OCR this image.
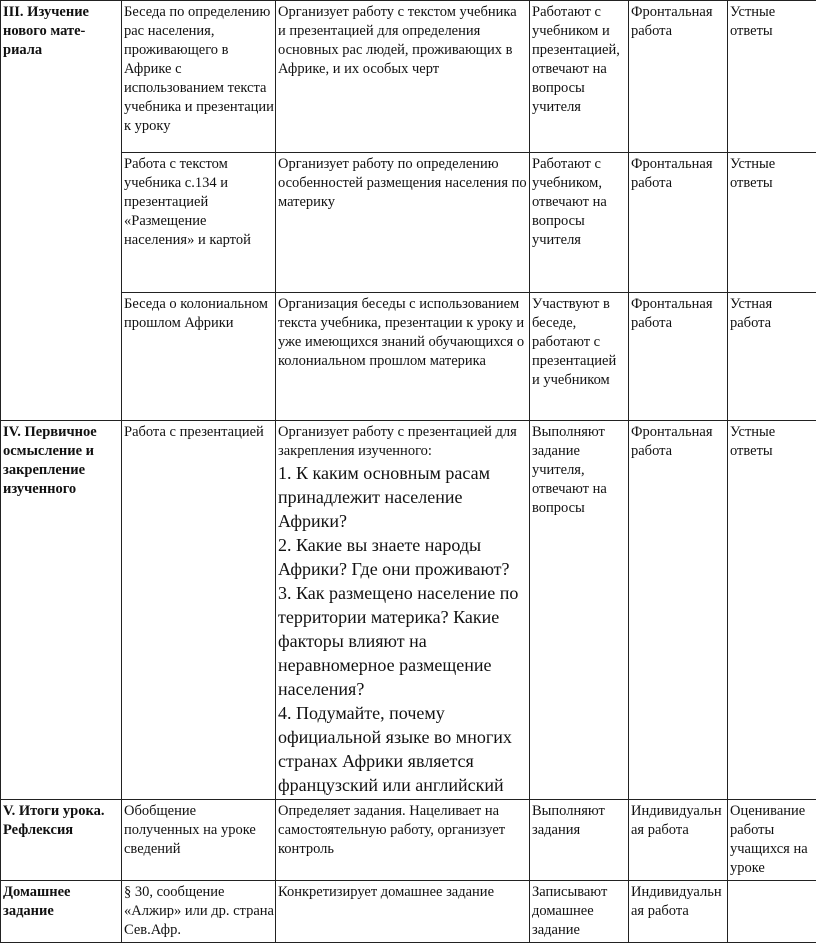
III. Изучение нового мате-риала	Беседа по определению рас населения, проживающего в Африке с использованием текста учебника и презентации к уроку	Организует работу с текстом учебника и презентацией для определения основных рас людей, проживающих в Африке, и их особых черт	Работают с учебником и презентацией, отвечают на вопросы учителя	Фронтальная работа	Устные ответы
	Работа с текстом учебника с.134 и презентацией «Размещение населения» и картой	Организует работу по определению особенностей размещения населения по материку	Работают с учебником, отвечают на вопросы учителя	Фронтальная работа	Устные ответы
	Беседа о колониальном прошлом Африки	Организация беседы с использованием текста учебника, презентации к уроку и уже имеющихся знаний обучающихся о колониальном прошлом материка	Участвуют в беседе, работают с презентацией и учебником	Фронтальная работа	Устная работа
IV. Первичное осмысление и закрепление изученного	Работа с презентацией	Организует работу с презентацией для закрепления изученного:
1. К каким основным расам принадлежит население Африки?
2. Какие вы знаете народы Африки? Где они проживают?
3. Как размещено население по территории материка? Какие факторы влияют на неравномерное размещение населения?
4. Подумайте, почему официальной языке во многих странах Африки является французский или английский	Выполняют задание учителя, отвечают на вопросы	Фронтальная работа	Устные ответы
V. Итоги урока. Рефлексия	Обобщение полученных на уроке сведений	Определяет задания. Нацеливает на самостоятельную работу, организует контроль	Выполняют задания	Индивидуальная работа	Оценивание работы учащихся на уроке
Домашнее задание	§ 30, сообщение «Алжир» или др. страна Сев.Афр.	Конкретизирует домашнее задание	Записывают домашнее задание	Индивидуальная работа	
